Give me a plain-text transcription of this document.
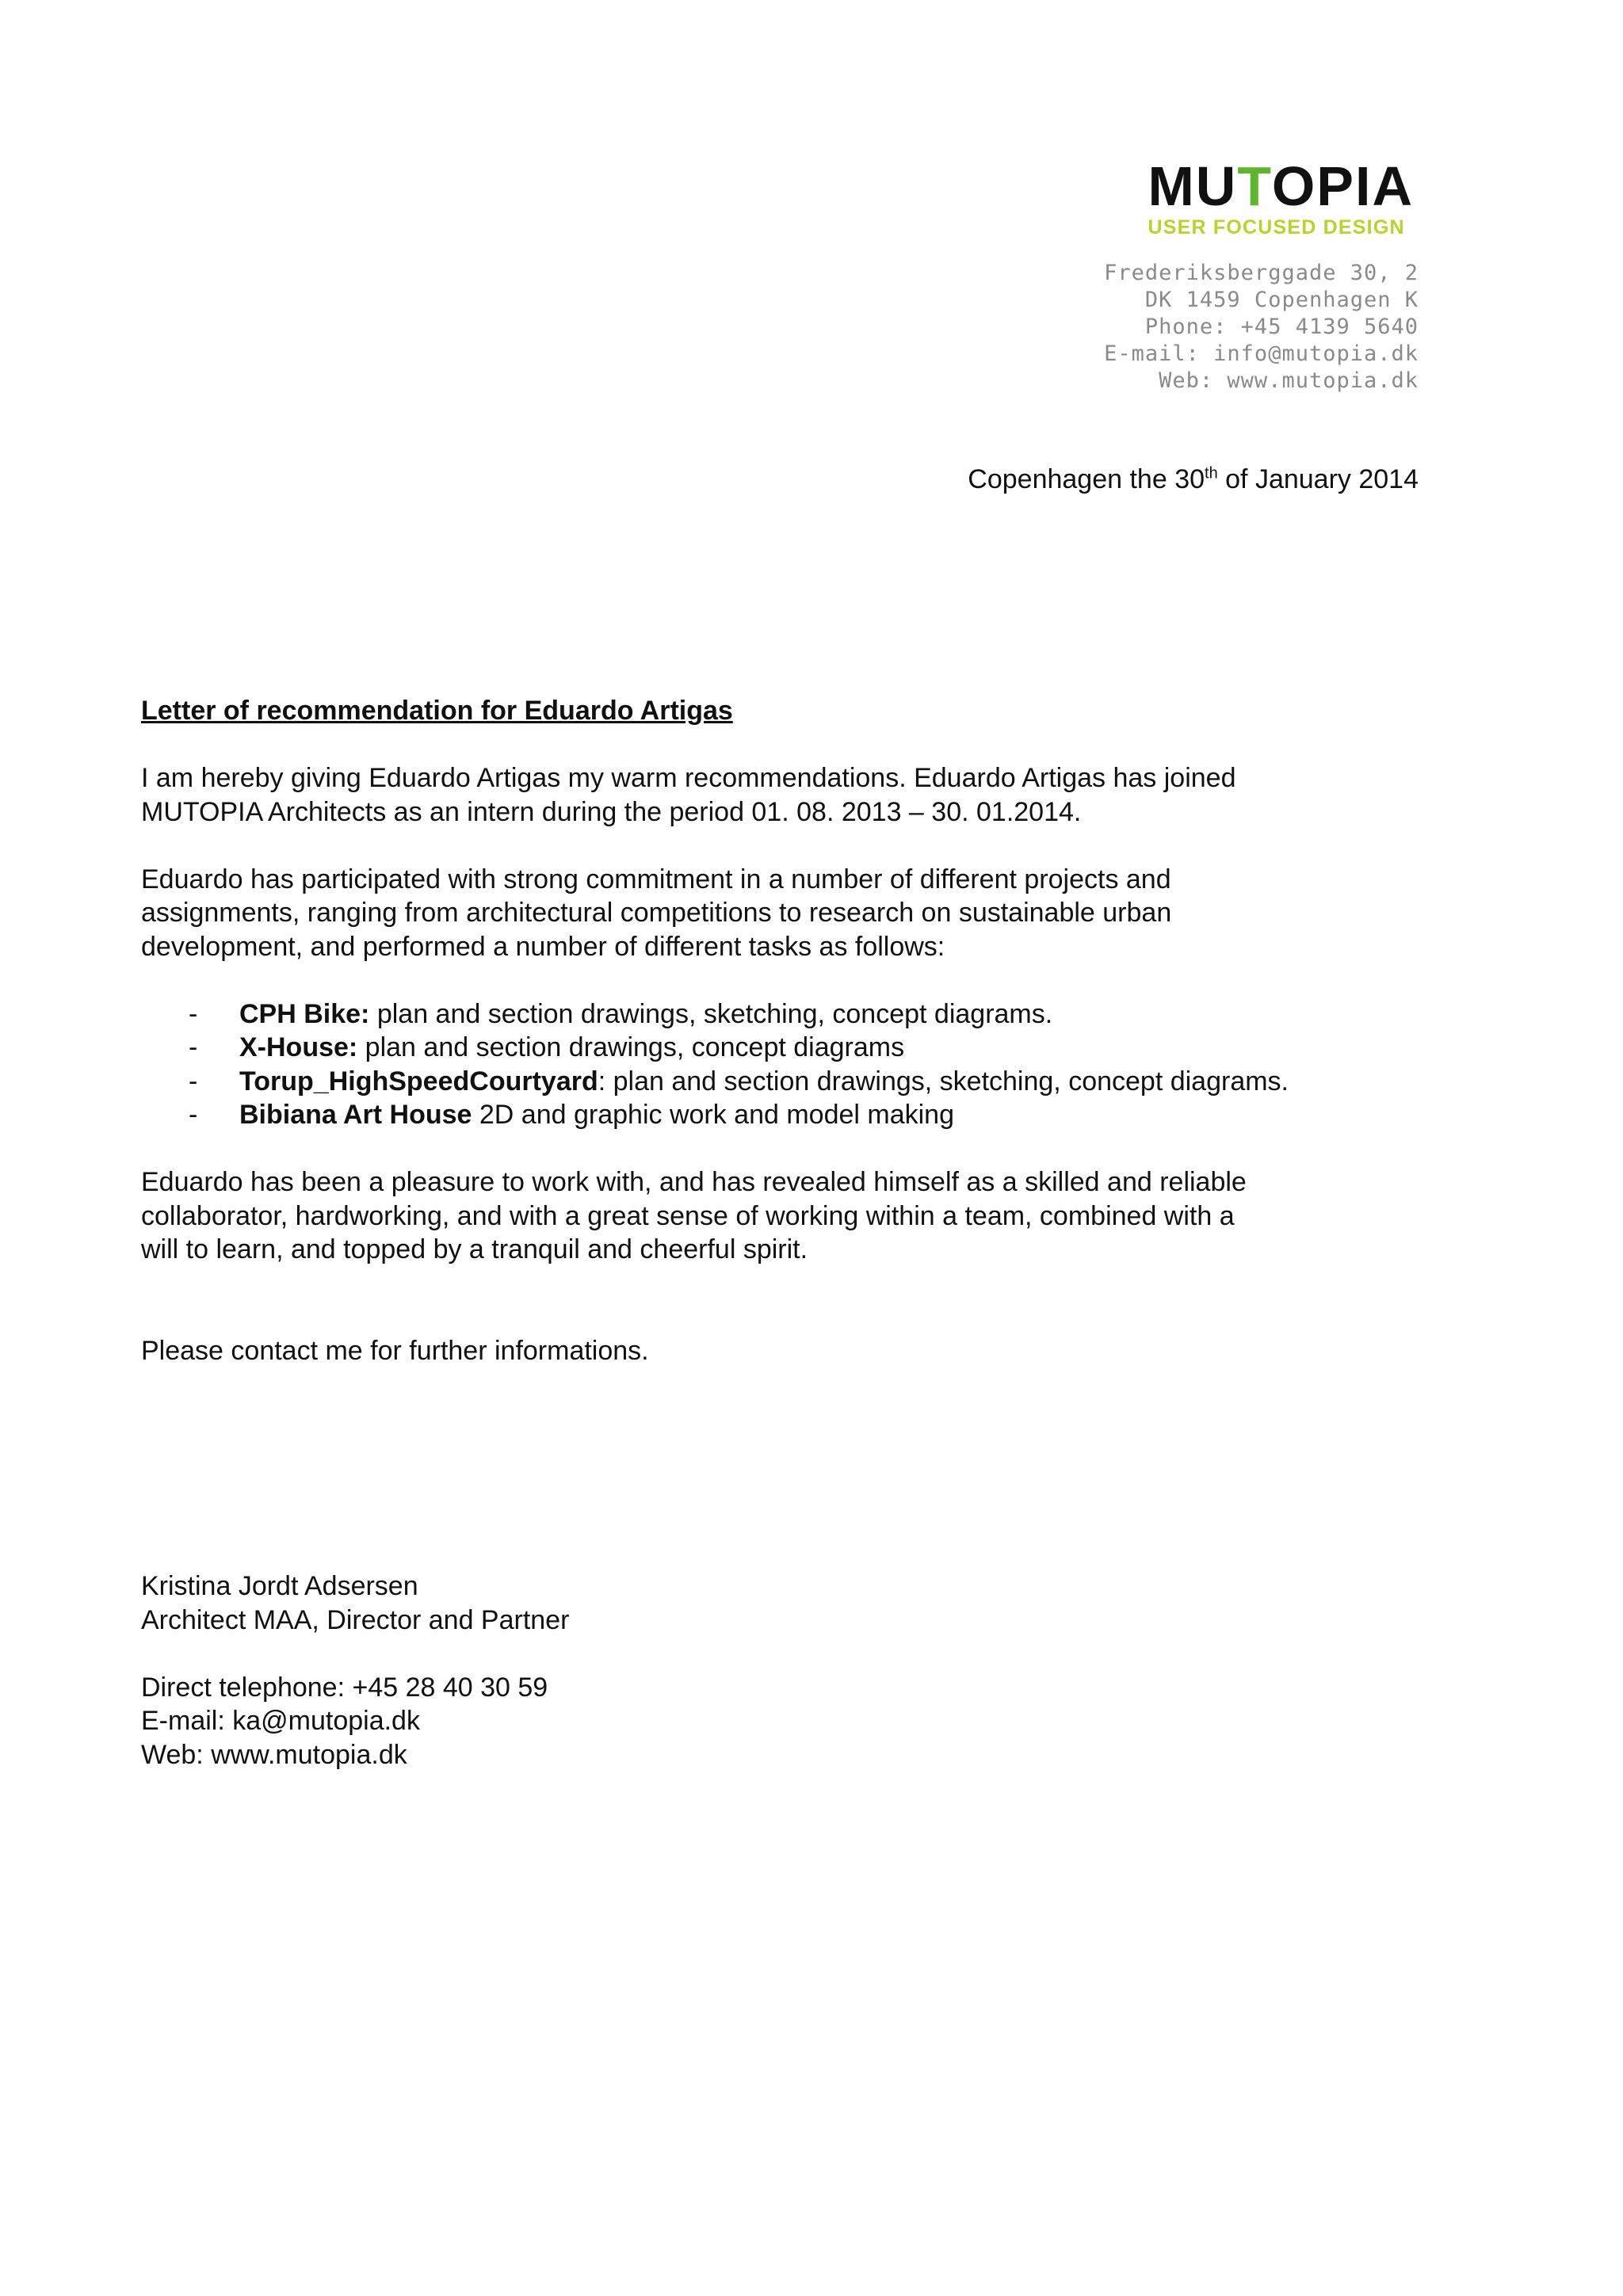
MUTOPIA
USER FOCUSED DESIGN
Frederiksberggade 30, 2
DK 1459 Copenhagen K
Phone: +45 4139 5640
E-mail: info@mutopia.dk
Web: www.mutopia.dk
Copenhagen the 30th of January 2014

Letter of recommendation for Eduardo Artigas

I am hereby giving Eduardo Artigas my warm recommendations. Eduardo Artigas has joined
MUTOPIA Architects as an intern during the period 01. 08. 2013 – 30. 01.2014.

Eduardo has participated with strong commitment in a number of different projects and
assignments, ranging from architectural competitions to research on sustainable urban
development, and performed a number of different tasks as follows:

- CPH Bike: plan and section drawings, sketching, concept diagrams.
- X-House: plan and section drawings, concept diagrams
- Torup_HighSpeedCourtyard: plan and section drawings, sketching, concept diagrams.
- Bibiana Art House 2D and graphic work and model making

Eduardo has been a pleasure to work with, and has revealed himself as a skilled and reliable
collaborator, hardworking, and with a great sense of working within a team, combined with a
will to learn, and topped by a tranquil and cheerful spirit.

Please contact me for further informations.

Kristina Jordt Adsersen
Architect MAA, Director and Partner
Direct telephone: +45 28 40 30 59
E-mail: ka@mutopia.dk
Web: www.mutopia.dk
